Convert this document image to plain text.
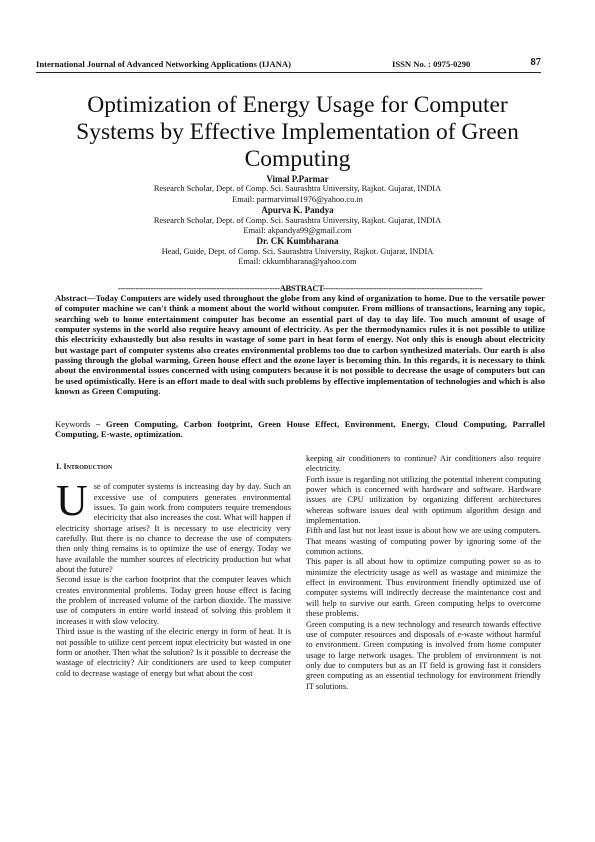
International Journal of Advanced Networking Applications (IJANA)	ISSN No. : 0975-0290	87
Optimization of Energy Usage for Computer Systems by Effective Implementation of Green Computing
Vimal P.Parmar
Research Scholar, Dept. of Comp. Sci. Saurashtra University, Rajkot. Gujarat, INDIA
Email: parmarvimal1976@yahoo.co.in
Apurva K. Pandya
Research Scholar, Dept. of Comp. Sci. Saurashtra University, Rajkot. Gujarat, INDIA
Email: akpandya99@gmail.com
Dr. CK Kumbharana
Head, Guide, Dept. of Comp. Sci. Saurashtra University, Rajkot. Gujarat, INDIA
Email: ckkumbharana@yahoo.com
----------------------------------------------------------------ABSTRACT---------------------------------------------------------------
Abstract—Today Computers are widely used throughout the globe from any kind of organization to home. Due to the versatile power of computer machine we can't think a moment about the world without computer. From millions of transactions, learning any topic, searching web to home entertainment computer has become an essential part of day to day life. Too much amount of usage of computer systems in the world also require heavy amount of electricity. As per the thermodynamics rules it is not possible to utilize this electricity exhaustedly but also results in wastage of some part in heat form of energy. Not only this is enough about electricity but wastage part of computer systems also creates environmental problems too due to carbon synthesized materials. Our earth is also passing through the global warming, Green house effect and the ozone layer is becoming thin. In this regards, it is necessary to think about the environmental issues concerned with using computers because it is not possible to decrease the usage of computers but can be used optimistically. Here is an effort made to deal with such problems by effective implementation of technologies and which is also known as Green Computing.
Keywords – Green Computing, Carbon footprint, Green House Effect, Environment, Energy, Cloud Computing, Parrallel Computing, E-waste, optimization.
I. Introduction

Use of computer systems is increasing day by day. Such an excessive use of computers generates environmental issues. To gain work from computers require tremendous electricity that also increases the cost. What will happen if electricity shortage arises? It is necessary to use electricity very carefully. But there is no chance to decrease the use of computers then only thing remains is to optimize the use of energy. Today we have available the number sources of electricity production but what about the future?

Second issue is the carbon footprint that the computer leaves which creates environmental problems. Today green house effect is facing the problem of increased volume of the carbon dioxide. The massive use of computers in entire world instead of solving this problem it increases it with slow velocity.

Third issue is the wasting of the electric energy in form of heat. It is not possible to utilize cent percent input electricity but wasted in one form or another. Then what the solution? Is it possible to decrease the wastage of electricity? Air conditioners are used to keep computer cold to decrease wastage of energy but what about the cost

keeping air conditioners to continue? Air conditioners also require electricity.

Forth issue is regarding not utilizing the potential inherent computing power which is concerned with hardware and software. Hardware issues are CPU utilization by organizing different architectures whereas software issues deal with optimum algorithm design and implementation.

Fifth and last but not least issue is about how we are using computers. That means wasting of computing power by ignoring some of the common actions.

This paper is all about how to optimize computing power so as to minimize the electricity usage as well as wastage and minimize the effect in environment. Thus environment friendly optimized use of computer systems will indirectly decrease the maintenance cost and will help to survive our earth. Green computing helps to overcome these problems.

Green computing is a new technology and research towards effective use of computer resources and disposals of e-waste without harmful to environment. Green computing is involved from home computer usage to large network usages. The problem of environment is not only due to computers but as an IT field is growing fast it considers green computing as an essential technology for environment friendly IT solutions.
